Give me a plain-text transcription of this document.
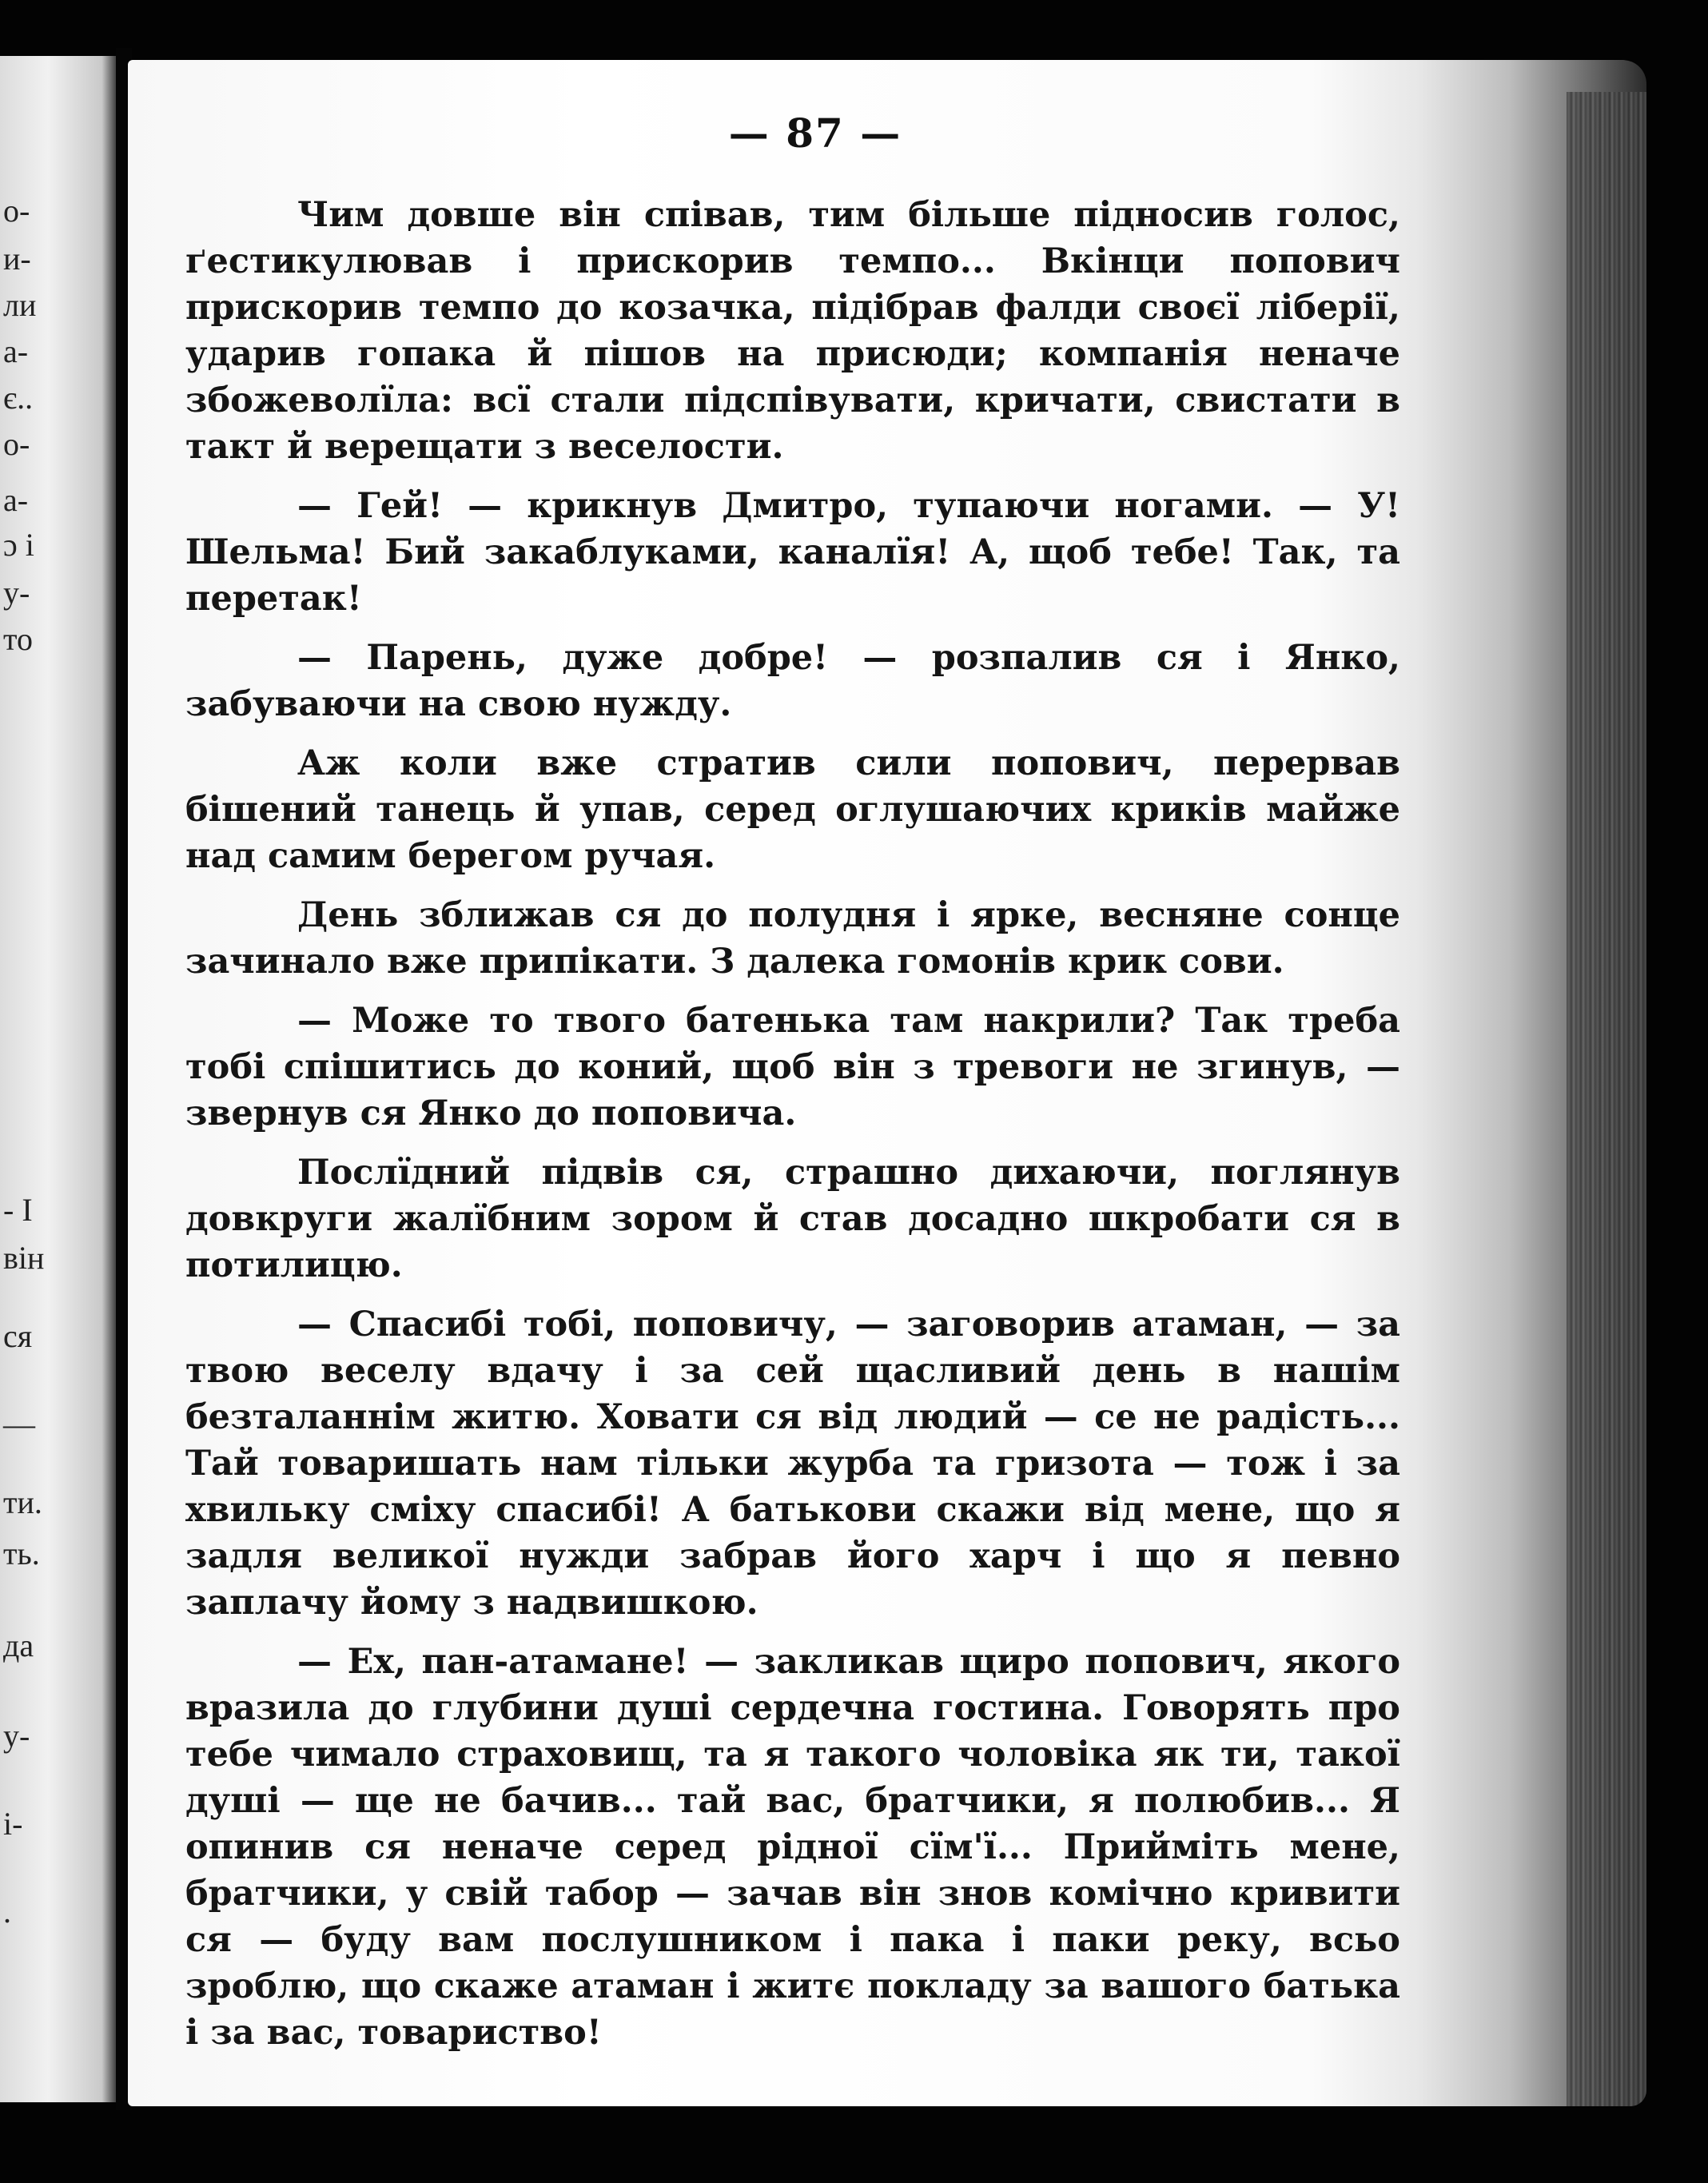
о-
и-
ли
а-
є..
о-
а-
ɔ і
у-
то
- І
він
ся
—
ти.
ть.
да
у-
і-
.
— 87 —

Чим довше він співав, тим більше підносив голос, ґестикулював і прискорив темпо... Вкінци попович прискорив темпо до козачка, підібрав фалди своєї ліберії, ударив гопака й пішов на присюди; компанія неначе збожеволїла: всї стали підспівувати, кричати, свистати в такт й верещати з веселости.

— Гей! — крикнув Дмитро, тупаючи ногами. — У! Шельма! Бий закаблуками, каналїя! А, щоб тебе! Так, та перетак!

— Парень, дуже добре! — розпалив ся і Янко, забуваючи на свою нужду.

Аж коли вже стратив сили попович, перервав бішений танець й упав, серед оглушаючих криків майже над самим берегом ручая.

День зближав ся до полудня і ярке, весняне сонце зачинало вже припікати. З далека гомонів крик сови.

— Може то твого батенька там накрили? Так треба тобі спішитись до коний, щоб він з тревоги не згинув, — звернув ся Янко до поповича.

Послїдний підвів ся, страшно дихаючи, поглянув довкруги жалїбним зором й став досадно шкробати ся в потилицю.

— Спасибі тобі, поповичу, — заговорив атаман, — за твою веселу вдачу і за сей щасливий день в нашім безталаннім житю. Ховати ся від людий — се не радість... Тай товаришать нам тільки журба та гризота — тож і за хвильку сміху спасибі! А батькови скажи від мене, що я задля великої нужди забрав його харч і що я певно заплачу йому з надвишкою.

— Ех, пан-атамане! — закликав щиро попович, якого вразила до глубини душі сердечна гостина. Говорять про тебе чимало страховищ, та я такого чоловіка як ти, такої душі — ще не бачив... тай вас, братчики, я полюбив... Я опинив ся неначе серед рідної сїм'ї... Прийміть мене, братчики, у свій табор — зачав він знов комічно кривити ся — буду вам послушником і пака і паки реку, всьо зроблю, що скаже атаман і житє покладу за вашого батька і за вас, товариство!
